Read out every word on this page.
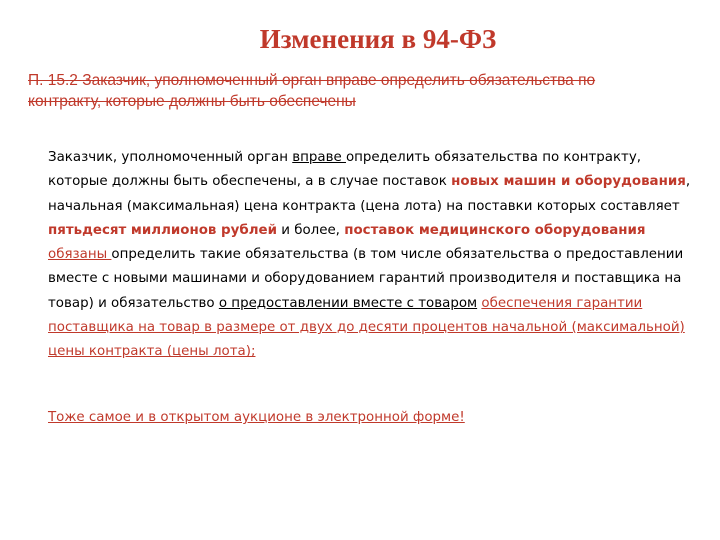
Изменения в 94-ФЗ
П. 15.2 Заказчик, уполномоченный орган вправе определить обязательства по контракту, которые должны быть обеспечены
Заказчик, уполномоченный орган вправе определить обязательства по контракту, которые должны быть обеспечены, а в случае поставок новых машин и оборудования, начальная (максимальная) цена контракта (цена лота) на поставки которых составляет пятьдесят миллионов рублей и более, поставок медицинского оборудования обязаны определить такие обязательства (в том числе обязательства о предоставлении вместе с новыми машинами и оборудованием гарантий производителя и поставщика на товар) и обязательство о предоставлении вместе с товаром обеспечения гарантии поставщика на товар в размере от двух до десяти процентов начальной (максимальной) цены контракта (цены лота);
Тоже самое и в открытом аукционе в электронной форме!
